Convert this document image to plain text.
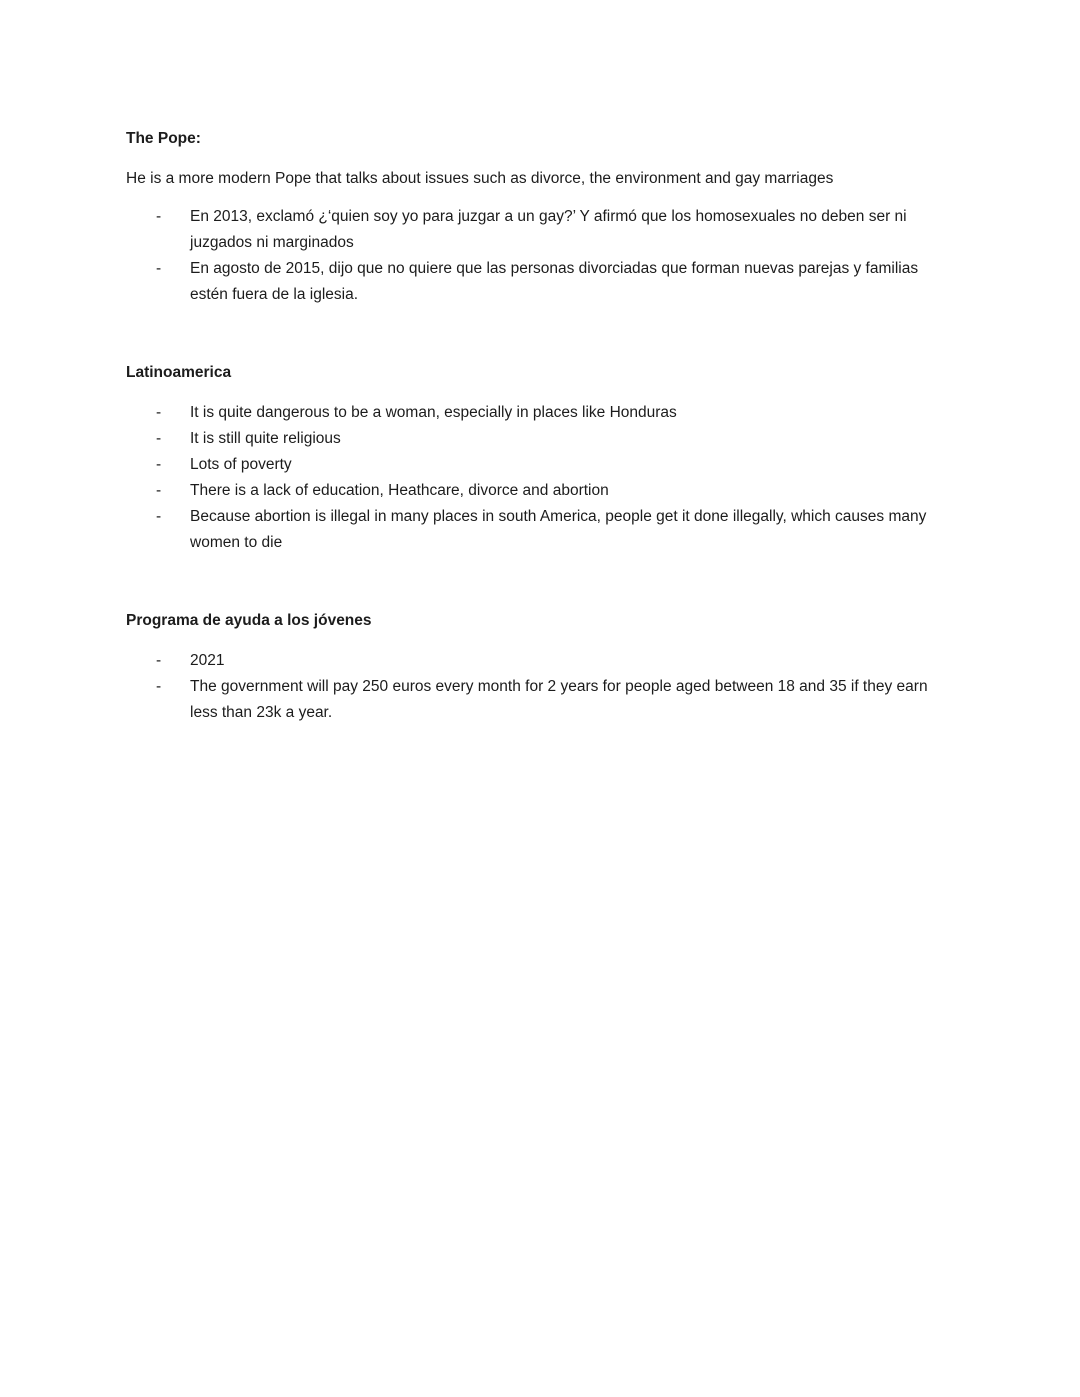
The Pope:

He is a more modern Pope that talks about issues such as divorce, the environment and gay marriages

- En 2013, exclamó ¿‘quien soy yo para juzgar a un gay?’ Y afirmó que los homosexuales no deben ser ni juzgados ni marginados
- En agosto de 2015, dijo que no quiere que las personas divorciadas que forman nuevas parejas y familias estén fuera de la iglesia.
Latinoamerica
- It is quite dangerous to be a woman, especially in places like Honduras
- It is still quite religious
- Lots of poverty
- There is a lack of education, Heathcare, divorce and abortion
- Because abortion is illegal in many places in south America, people get it done illegally, which causes many women to die
Programa de ayuda a los jóvenes
- 2021
- The government will pay 250 euros every month for 2 years for people aged between 18 and 35 if they earn less than 23k a year.
